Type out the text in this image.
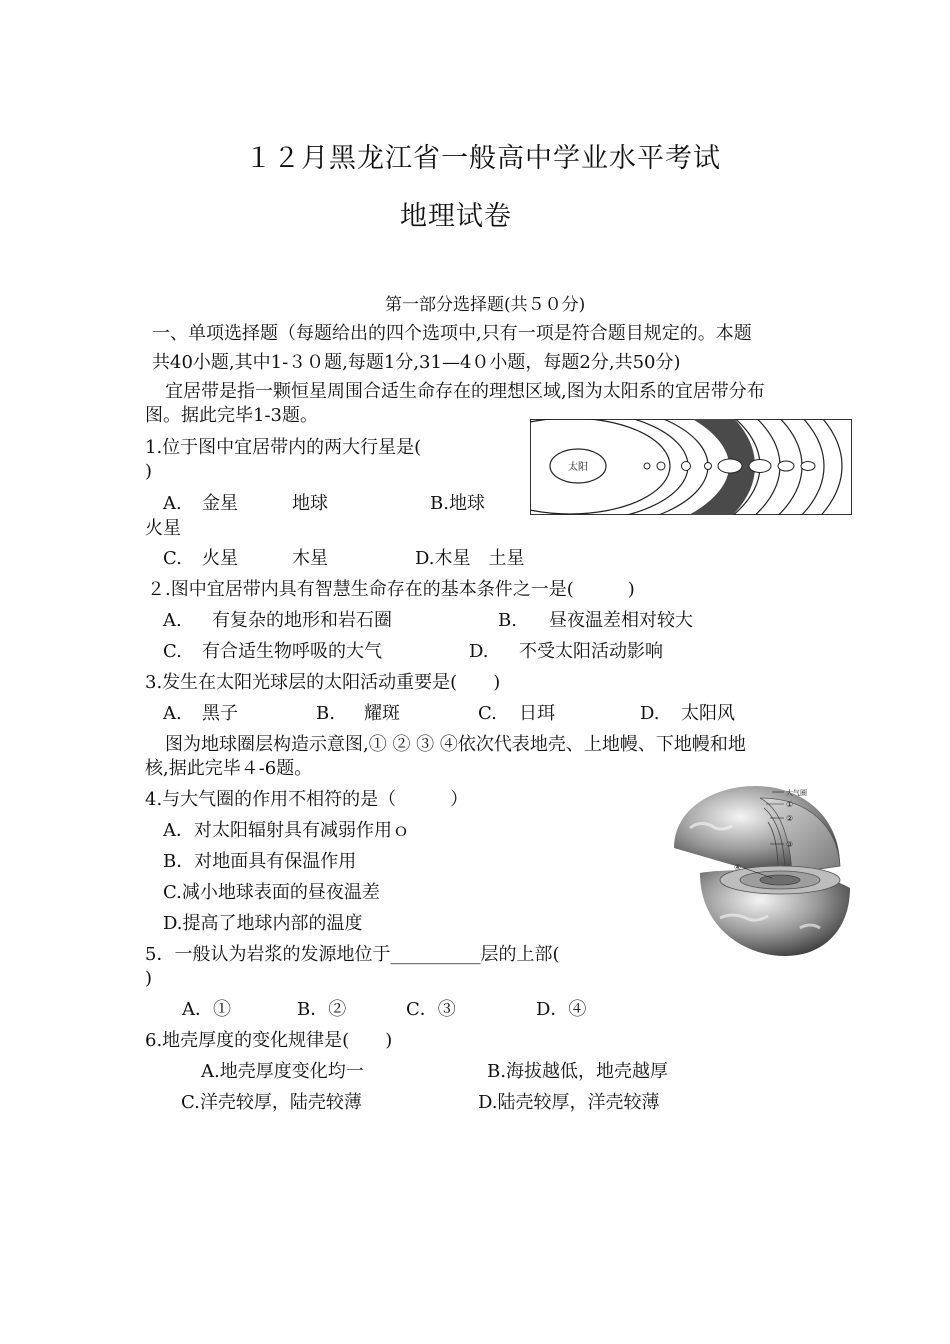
１２月黑龙江省一般高中学业水平考试
地理试卷
第一部分选择题(共５０分)
一、单项选择题（每题给出的四个选项中,只有一项是符合题目规定的。本题
共40小题,其中1-３０题,每题1分,31—4０小题，每题2分,共50分)
宜居带是指一颗恒星周围合适生命存在的理想区域,图为太阳系的宜居带分布
图。据此完毕1-3题。
1.位于图中宜居带内的两大行星是(
)
A. 金星　　　地球	B.地球
火星
C. 火星　　　木星	D.木星　土星
２.图中宜居带内具有智慧生命存在的基本条件之一是(　　　)
A. 有复杂的地形和岩石圈	B. 昼夜温差相对较大
C. 有合适生物呼吸的大气	D. 不受太阳活动影响
3.发生在太阳光球层的太阳活动重要是(　　)
A. 黑子	B. 耀斑	C. 日珥	D. 太阳风
图为地球圈层构造示意图,① ② ③ ④依次代表地壳、上地幔、下地幔和地
核,据此完毕４-6题。
4.与大气圈的作用不相符的是（　　　）
A．对太阳辐射具有减弱作用ｏ
B．对地面具有保温作用
C.减小地球表面的昼夜温差
D.提高了地球内部的温度
5．一般认为岩浆的发源地位于__________层的上部(
)
A．①	B．②	C．③	D．④
6.地壳厚度的变化规律是(　　)
A.地壳厚度变化均一	B.海拔越低，地壳越厚
C.洋壳较厚，陆壳较薄	D.陆壳较厚，洋壳较薄
太阳
大气圈
①
②
③
④
